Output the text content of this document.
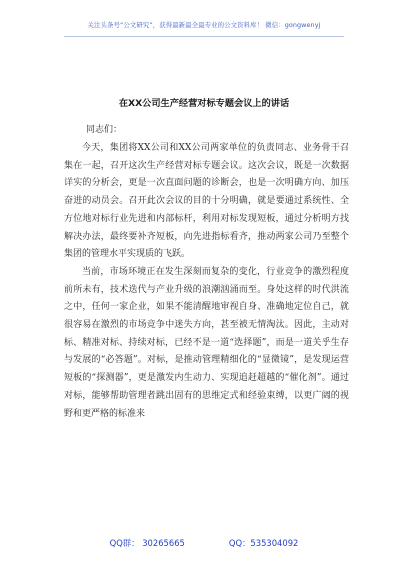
关注头条号“公文研究”，获得最新最全最专业的公文资料库！ 微信：gongwenyj
在XX公司生产经营对标专题会议上的讲话
同志们：

今天，集团将XX公司和XX公司两家单位的负责同志、业务骨干召集在一起，召开这次生产经营对标专题会议。这次会议，既是一次数据详实的分析会，更是一次直面问题的诊断会，也是一次明确方向、加压奋进的动员会。召开此次会议的目的十分明确，就是要通过系统性、全方位地对标行业先进和内部标杆，利用对标发现短板，通过分析明方找解决办法，最终要补齐短板，向先进指标看齐，推动两家公司乃至整个集团的管理水平实现质的飞跃。

当前，市场环境正在发生深刻而复杂的变化，行业竞争的激烈程度前所未有，技术迭代与产业升级的浪潮汹涌而至。身处这样的时代洪流之中，任何一家企业，如果不能清醒地审视自身、准确地定位自己，就很容易在激烈的市场竞争中迷失方向，甚至被无情淘汰。因此，主动对标、精准对标、持续对标，已经不是一道“选择题”，而是一道关乎生存与发展的“必答题”。对标，是推动管理精细化的“显微镜”，是发现运营短板的“探测器”，更是激发内生动力、实现追赶超越的“催化剂”。通过对标，能够帮助管理者跳出固有的思维定式和经验束缚，以更广阔的视野和更严格的标准来

QQ群： 30265665	QQ：535304092
